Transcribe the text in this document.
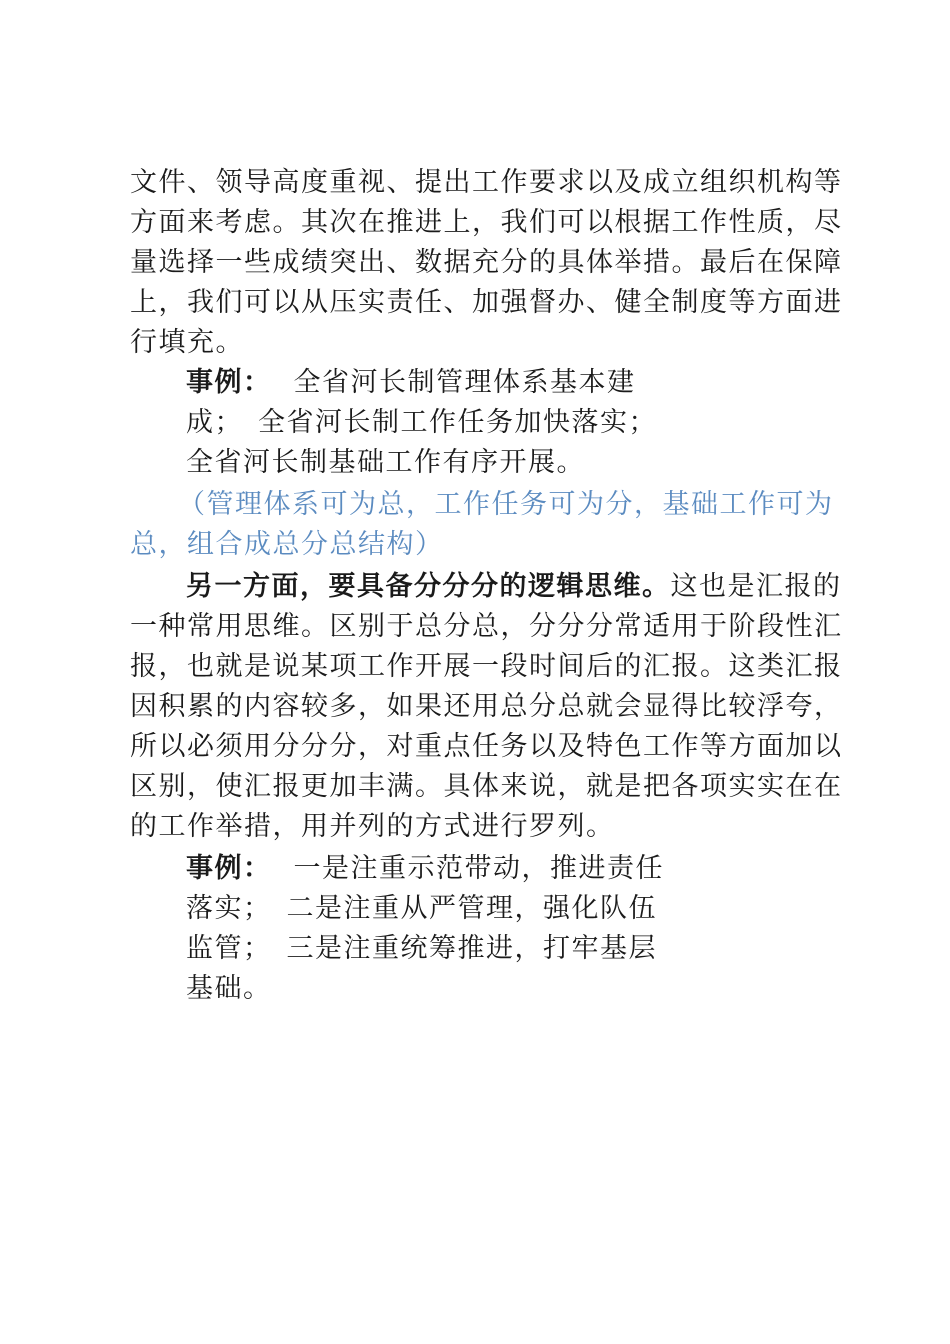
文件、领导高度重视、提出工作要求以及成立组织机构等
方面来考虑。其次在推进上，我们可以根据工作性质，尽
量选择一些成绩突出、数据充分的具体举措。最后在保障
上，我们可以从压实责任、加强督办、健全制度等方面进
行填充。
事例： 全省河长制管理体系基本建
成；　全省河长制工作任务加快落实；
全省河长制基础工作有序开展。
（管理体系可为总，工作任务可为分，基础工作可为
总，组合成总分总结构）
另一方面，要具备分分分的逻辑思维。这也是汇报的
一种常用思维。区别于总分总，分分分常适用于阶段性汇
报，也就是说某项工作开展一段时间后的汇报。这类汇报
因积累的内容较多，如果还用总分总就会显得比较浮夸，
所以必须用分分分，对重点任务以及特色工作等方面加以
区别，使汇报更加丰满。具体来说，就是把各项实实在在
的工作举措，用并列的方式进行罗列。
事例： 一是注重示范带动，推进责任
落实；　二是注重从严管理，强化队伍
监管；　三是注重统筹推进，打牢基层
基础。
